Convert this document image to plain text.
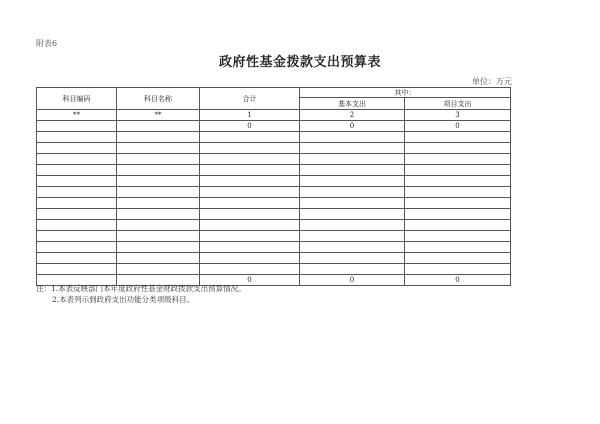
附表6
政府性基金拨款支出预算表
单位：万元
科目编码	科目名称	合计	其中：	
			基本支出	项目支出
**	**	1	2	3
		0	0	0

		0	0	0
注：1.本表反映部门本年度政府性基金财政拨款支出预算情况。
2.本表列示到政府支出功能分类项级科目。
